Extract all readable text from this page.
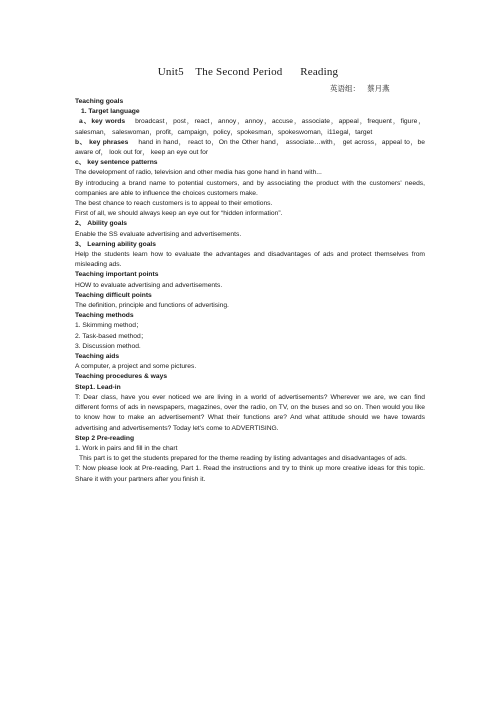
Unit5    The Second Period      Reading
英语组：   蔡月燕
Teaching goals
1. Target language
a、key words broadcast，post，react，annoy，annoy，accuse，associate，appeal，frequent，figure，salesman， saleswoman，profit，campaign，policy，spokesman，spokeswoman，i11egal，target
b、 key phrases hand in hand， react to，On the Other hand， associate…with， get across，appeal to，be aware of， look out for， keep an eye out for
c、 key sentence patterns
The development of radio, television and other media has gone hand in hand with...
By introducing a brand name to potential customers, and by associating the product with the customers' needs, companies are able to influence the choices customers make.
The best chance to reach customers is to appeal to their emotions.
First of all, we should always keep an eye out for “hidden information”.
2、 Ability goals
Enable the SS evaluate advertising and advertisements.
3、 Learning ability goals
Help the students learn how to evaluate the advantages and disadvantages of ads and protect themselves from misleading ads.
Teaching important points
HOW to evaluate advertising and advertisements.
Teaching difficult points
The definition, principle and functions of advertising.
Teaching methods
1. Skimming method；
2. Task-based method；
3. Discussion method.
Teaching aids
A computer, a project and some pictures.
Teaching procedures & ways
Step1. Lead-in
T: Dear class, have you ever noticed we are living in a world of advertisements? Wherever we are, we can find different forms of ads in newspapers, magazines, over the radio, on TV, on the buses and so on. Then would you like to know how to make an advertisement? What their functions are? And what attitude should we have towards advertising and advertisements? Today let's come to ADVERTISING.
Step 2 Pre-reading
1. Work in pairs and fill in the chart
This part is to get the students prepared for the theme reading by listing advantages and disadvantages of ads.
T: Now please look at Pre-reading, Part 1. Read the instructions and try to think up more creative ideas for this topic. Share it with your partners after you finish it.
